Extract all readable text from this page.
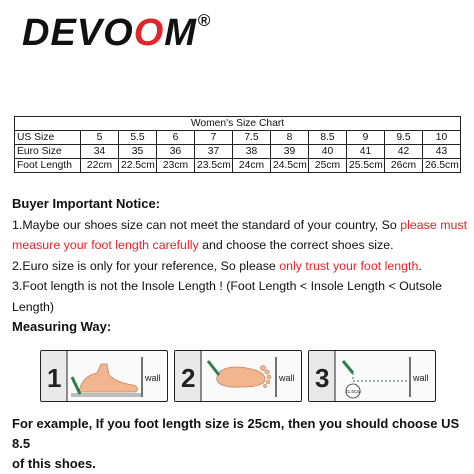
DEVOOM®
Women's Size Chart										
US Size	5	5.5	6	7	7.5	8	8.5	9	9.5	10
Euro Size	34	35	36	37	38	39	40	41	42	43
Foot Length	22cm	22.5cm	23cm	23.5cm	24cm	24.5cm	25cm	25.5cm	26cm	26.5cm
Buyer Important Notice:
1.Maybe our shoes size can not meet the standard of your country, So please must
measure your foot length carefully and choose the correct shoes size.
2.Euro size is only for your reference, So please only trust your foot length.
3.Foot length is not the Insole Length ! (Foot Length < Insole Length < Outsole
Length)
Measuring Way:
1	wall 2	wall 3	21.5CM
wall
For example, If you foot length size is 25cm, then you should choose US 8.5
of this shoes.
